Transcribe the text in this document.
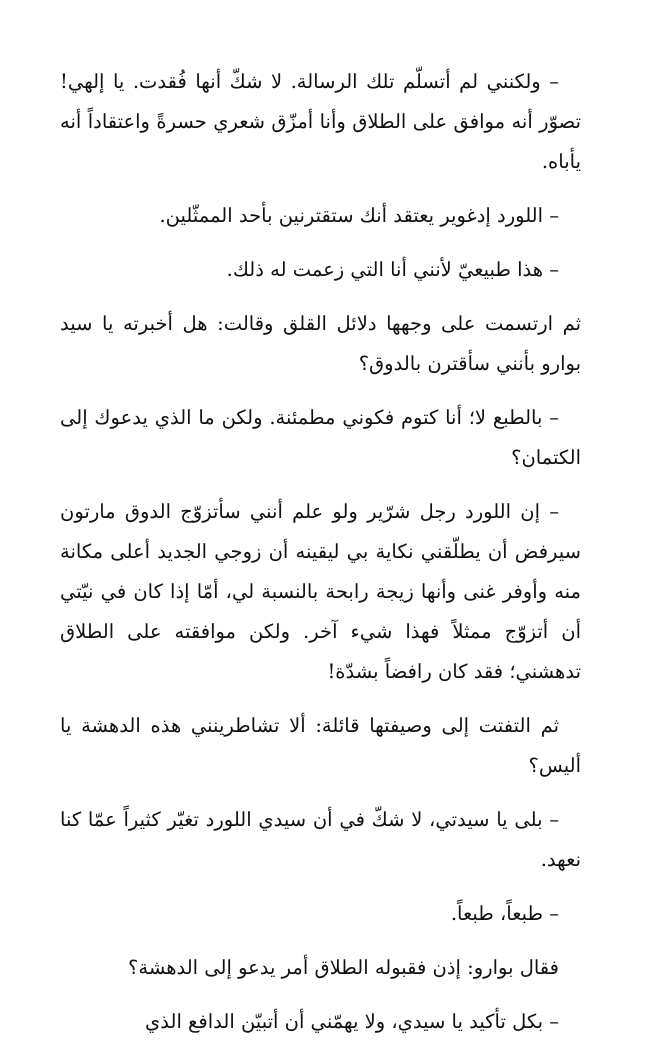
– ولكنني لم أتسلّم تلك الرسالة. لا شكّ أنها فُقدت. يا إلهي! تصوّر أنه موافق على الطلاق وأنا أمزّق شعري حسرةً واعتقاداً أنه يأباه.

– اللورد إدغوير يعتقد أنك ستقترنين بأحد الممثّلين.

– هذا طبيعيّ لأنني أنا التي زعمت له ذلك.

ثم ارتسمت على وجهها دلائل القلق وقالت: هل أخبرته يا سيد بوارو بأنني سأقترن بالدوق؟

– بالطبع لا؛ أنا كتوم فكوني مطمئنة. ولكن ما الذي يدعوك إلى الكتمان؟

– إن اللورد رجل شرّير ولو علم أنني سأتزوّج الدوق مارتون سيرفض أن يطلّقني نكاية بي ليقينه أن زوجي الجديد أعلى مكانة منه وأوفر غنى وأنها زيجة رابحة بالنسبة لي، أمّا إذا كان في نيّتي أن أتزوّج ممثلاً فهذا شيء آخر. ولكن موافقته على الطلاق تدهشني؛ فقد كان رافضاً بشدّة!

ثم التفتت إلى وصيفتها قائلة: ألا تشاطرينني هذه الدهشة يا أليس؟

– بلى يا سيدتي، لا شكّ في أن سيدي اللورد تغيّر كثيراً عمّا كنا نعهد.

– طبعاً، طبعاً.

فقال بوارو: إذن فقبوله الطلاق أمر يدعو إلى الدهشة؟

– بكل تأكيد يا سيدي، ولا يهمّني أن أتبيّن الدافع الذي
